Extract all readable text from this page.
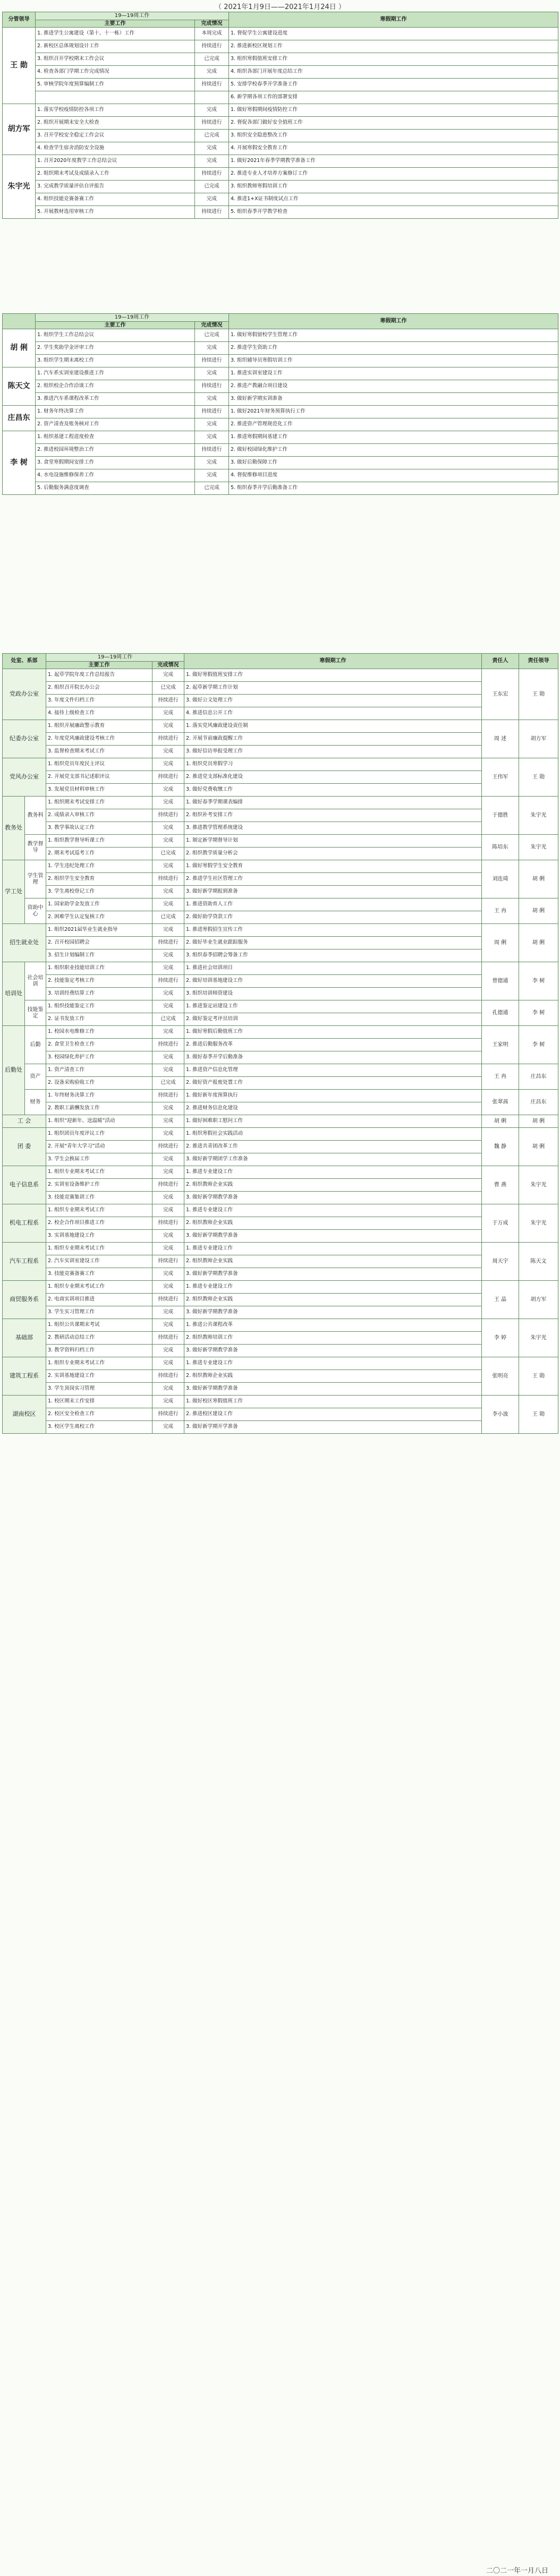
（ 2021年1月9日——2021年1月24日 ）
分管领导	19—19周工作		寒假期工作
	主要工作	完成情况	
王 勋	1. 推进学生公寓建设（第十、十一栋）工作	本周完成	1. 督促学生公寓建设进度
	2. 新校区总体规划设计工作	持续进行	2. 推进新校区规划工作
	3. 组织召开学校期末工作会议	已完成	3. 组织寒假值班安排工作
	4. 检查各部门学期工作完成情况	完成	4. 组织各部门开展年度总结工作
	5. 审核学院年度预算编制工作	持续进行	5. 安排学校春季开学准备工作
			6. 新学期各项工作的部署安排
胡方军	1. 落实学校疫情防控各项工作	完成	1. 做好寒假期间疫情防控工作
	2. 组织开展期末安全大检查	持续进行	2. 督促各部门做好安全值班工作
	3. 召开学校安全稳定工作会议	已完成	3. 组织安全隐患整改工作
	4. 检查学生宿舍消防安全设施	完成	4. 开展寒假安全教育工作
朱宇光	1. 召开2020年度教学工作总结会议	完成	1. 做好2021年春季学期教学准备工作
	2. 组织期末考试及成绩录入工作	持续进行	2. 推进专业人才培养方案修订工作
	3. 完成教学质量评估自评报告	已完成	3. 组织教师寒假培训工作
	4. 组织技能竞赛备赛工作	完成	4. 推进1+X证书制度试点工作
	5. 开展教材选用审核工作	持续进行	5. 组织春季开学教学检查
	19—19周工作		寒假期工作
	主要工作	完成情况	
胡 俐	1. 组织学生工作总结会议	已完成	1. 做好寒假留校学生管理工作
	2. 学生奖助学金评审工作	完成	2. 推进学生资助工作
	3. 组织学生期末离校工作	持续进行	3. 组织辅导员寒假培训工作
陈天文	1. 汽车系实训室建设推进工作	完成	1. 推进实训室建设工作
	2. 组织校企合作洽谈工作	持续进行	2. 推进产教融合项目建设
	3. 推进汽车系课程改革工作	完成	3. 做好新学期实训准备
庄昌东	1. 财务年终决算工作	持续进行	1. 做好2021年财务预算执行工作
	2. 资产清查及账务核对工作	完成	2. 推进资产管理规范化工作
李 树	1. 组织基建工程进度检查	完成	1. 推进寒假期间基建工作
	2. 推进校园环境整治工作	持续进行	2. 做好校园绿化维护工作
	3. 食堂寒假期间安排工作	完成	3. 做好后勤保障工作
	4. 水电设施维修保养工作	完成	4. 督促维修项目进度
	5. 后勤服务满意度调查	已完成	5. 组织春季开学后勤准备工作
处室、系部		19—19周工作		寒假期工作	责任人	责任领导
		主要工作	完成情况			
党政办公室		1. 起草学院年度工作总结报告	完成	1. 做好寒假值班安排工作	王东宏	王 勋
		2. 组织召开院长办公会	已完成	2. 起草新学期工作计划		
		3. 年度文件归档工作	持续进行	3. 做好公文处理工作		
		4. 接待上级检查工作	完成	4. 推进信息公开工作		
纪委办公室		1. 组织开展廉政警示教育	完成	1. 落实党风廉政建设责任制	周 述	胡方军
		2. 年度党风廉政建设考核工作	持续进行	2. 开展节前廉政提醒工作		
		3. 监督检查期末考试工作	完成	3. 做好信访举报受理工作		
党风办公室		1. 组织党员年度民主评议	完成	1. 组织党员寒假学习	王伟军	王 勋
		2. 开展党支部书记述职评议	持续进行	2. 推进党支部标准化建设		
		3. 发展党员材料审核工作	完成	3. 做好党费收缴工作		
教务处	教务科	1. 组织期末考试安排工作	完成	1. 做好春季学期课表编排	于德胜	朱宇光
		2. 成绩录入审核工作	持续进行	2. 组织补考安排工作		
		3. 教学事故认定工作	完成	3. 推进教学管理系统建设		
	教学督导	1. 组织教学督导听课工作	完成	1. 制定新学期督导计划	陈培东	朱宇光
		2. 期末考试巡考工作	已完成	2. 组织教学质量分析会		
学工处	学生管理	1. 学生违纪处理工作	完成	1. 做好寒假学生安全教育	刘连琦	胡 俐
		2. 组织学生安全教育	持续进行	2. 推进学生社区管理工作		
		3. 学生离校登记工作	完成	3. 做好新学期报到准备		
	资助中心	1. 国家助学金发放工作	完成	1. 推进资助育人工作	王 冉	胡 俐
		2. 困难学生认定复核工作	已完成	2. 做好助学贷款工作		
招生就业处		1. 组织2021届毕业生就业指导	完成	1. 推进寒假招生宣传工作	周 俐	胡 俐
		2. 召开校园招聘会	持续进行	2. 做好毕业生就业跟踪服务		
		3. 招生计划编制工作	完成	3. 组织春季招聘会筹备工作		
培训处	社会培训	1. 组织职业技能培训工作	完成	1. 推进社会培训项目	曾德通	李 树
		2. 技能鉴定考核工作	持续进行	2. 做好培训基地建设工作		
		3. 培训经费结算工作	完成	3. 组织培训师资建设		
	技能鉴定	1. 组织技能鉴定工作	完成	1. 推进鉴定站建设工作	孔德通	李 树
		2. 证书发放工作	已完成	2. 做好鉴定考评员培训		
后勤处	后勤	1. 校园水电维修工作	完成	1. 做好寒假后勤值班工作	王家明	李 树
		2. 食堂卫生检查工作	持续进行	2. 推进后勤服务改革		
		3. 校园绿化养护工作	完成	3. 做好春季开学后勤准备		
	资产	1. 资产清查工作	完成	1. 推进资产信息化管理	王 冉	庄昌东
		2. 设备采购验收工作	已完成	2. 做好资产报废处置工作		
	财务	1. 年终财务决算工作	持续进行	1. 做好新年度预算执行	张翠茜	庄昌东
		2. 教职工薪酬发放工作	完成	2. 推进财务信息化建设		
工 会		1. 组织“迎新年、送温暖”活动	完成	1. 做好困难职工慰问工作	胡 俐	胡 俐
团 委		1. 组织团员年度评议工作	完成	1. 组织寒假社会实践活动	魏 静	胡 俐
		2. 开展“青年大学习”活动	持续进行	2. 推进共青团改革工作		
		3. 学生会换届工作	完成	3. 做好新学期团学工作准备		
电子信息系		1. 组织专业期末考试工作	完成	1. 推进专业建设工作	曹 燕	朱宇光
		2. 实训室设备维护工作	持续进行	2. 组织教师企业实践		
		3. 技能竞赛集训工作	完成	3. 做好新学期教学准备		
机电工程系		1. 组织专业期末考试工作	完成	1. 推进专业建设工作	于万成	朱宇光
		2. 校企合作项目推进工作	持续进行	2. 组织教师企业实践		
		3. 实训基地建设工作	完成	3. 做好新学期教学准备		
汽车工程系		1. 组织专业期末考试工作	完成	1. 推进专业建设工作	周天宇	陈天文
		2. 汽车实训室建设工作	持续进行	2. 组织教师企业实践		
		3. 技能竞赛备赛工作	完成	3. 做好新学期教学准备		
商贸服务系		1. 组织专业期末考试工作	完成	1. 推进专业建设工作	王 晶	胡方军
		2. 电商实训项目推进	持续进行	2. 组织教师企业实践		
		3. 学生实习管理工作	完成	3. 做好新学期教学准备		
基础部		1. 组织公共课期末考试	完成	1. 推进公共课程改革	李 婷	朱宇光
		2. 教研活动总结工作	持续进行	2. 组织教师培训工作		
		3. 教学资料归档工作	完成	3. 做好新学期教学准备		
建筑工程系		1. 组织专业期末考试工作	完成	1. 推进专业建设工作	张明亮	王 勋
		2. 实训基地建设工作	持续进行	2. 组织教师企业实践		
		3. 学生顶岗实习管理	完成	3. 做好新学期教学准备		
湖南校区		1. 校区期末工作安排	完成	1. 做好校区寒假值班工作	李小波	王 勋
		2. 校区安全检查工作	持续进行	2. 推进校区建设工作		
		3. 校区学生离校工作	完成	3. 做好新学期开学准备		
二〇二一年一月八日
